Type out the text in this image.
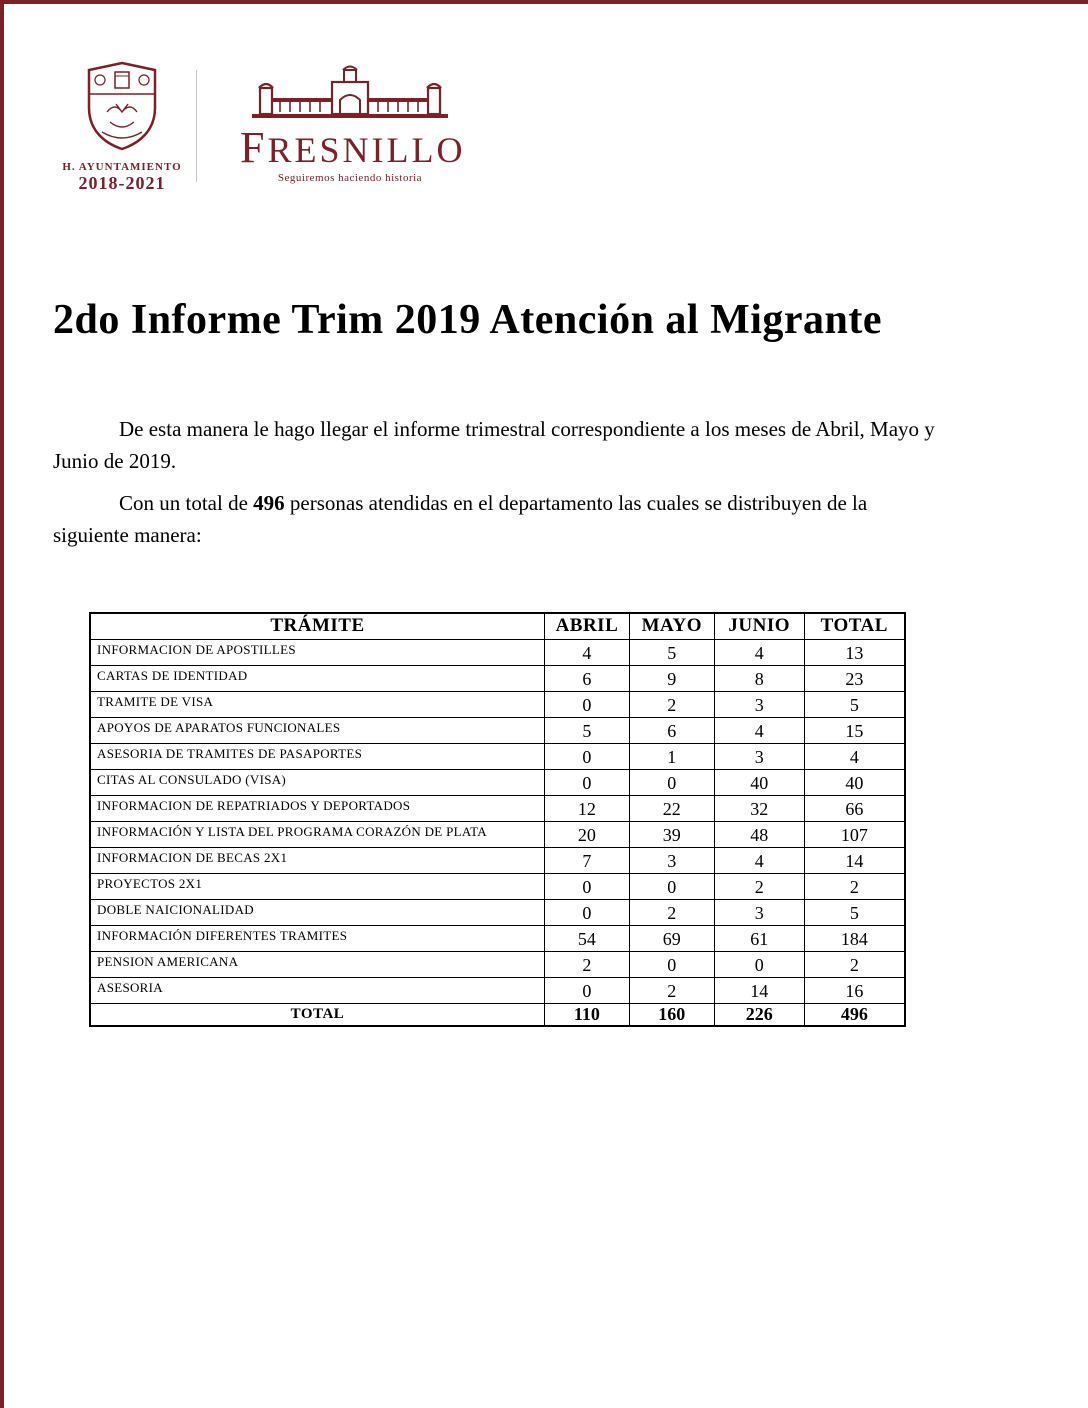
H. AYUNTAMIENTO
2018-2021
FRESNILLO
Seguiremos haciendo historia
2do Informe Trim 2019 Atención al Migrante

De esta manera le hago llegar el informe trimestral correspondiente a los meses de Abril, Mayo y Junio de 2019.

Con un total de 496 personas atendidas en el departamento las cuales se distribuyen de la siguiente manera:

TRÁMITE	ABRIL	MAYO	JUNIO	TOTAL
INFORMACION DE APOSTILLES	4	5	4	13
CARTAS DE IDENTIDAD	6	9	8	23
TRAMITE DE VISA	0	2	3	5
APOYOS DE APARATOS FUNCIONALES	5	6	4	15
ASESORIA DE TRAMITES DE PASAPORTES	0	1	3	4
CITAS AL CONSULADO (VISA)	0	0	40	40
INFORMACION DE REPATRIADOS Y DEPORTADOS	12	22	32	66
INFORMACIÓN Y LISTA DEL PROGRAMA CORAZÓN DE PLATA	20	39	48	107
INFORMACION DE BECAS 2X1	7	3	4	14
PROYECTOS 2X1	0	0	2	2
DOBLE NAICIONALIDAD	0	2	3	5
INFORMACIÓN DIFERENTES TRAMITES	54	69	61	184
PENSION AMERICANA	2	0	0	2
ASESORIA	0	2	14	16
TOTAL	110	160	226	496
